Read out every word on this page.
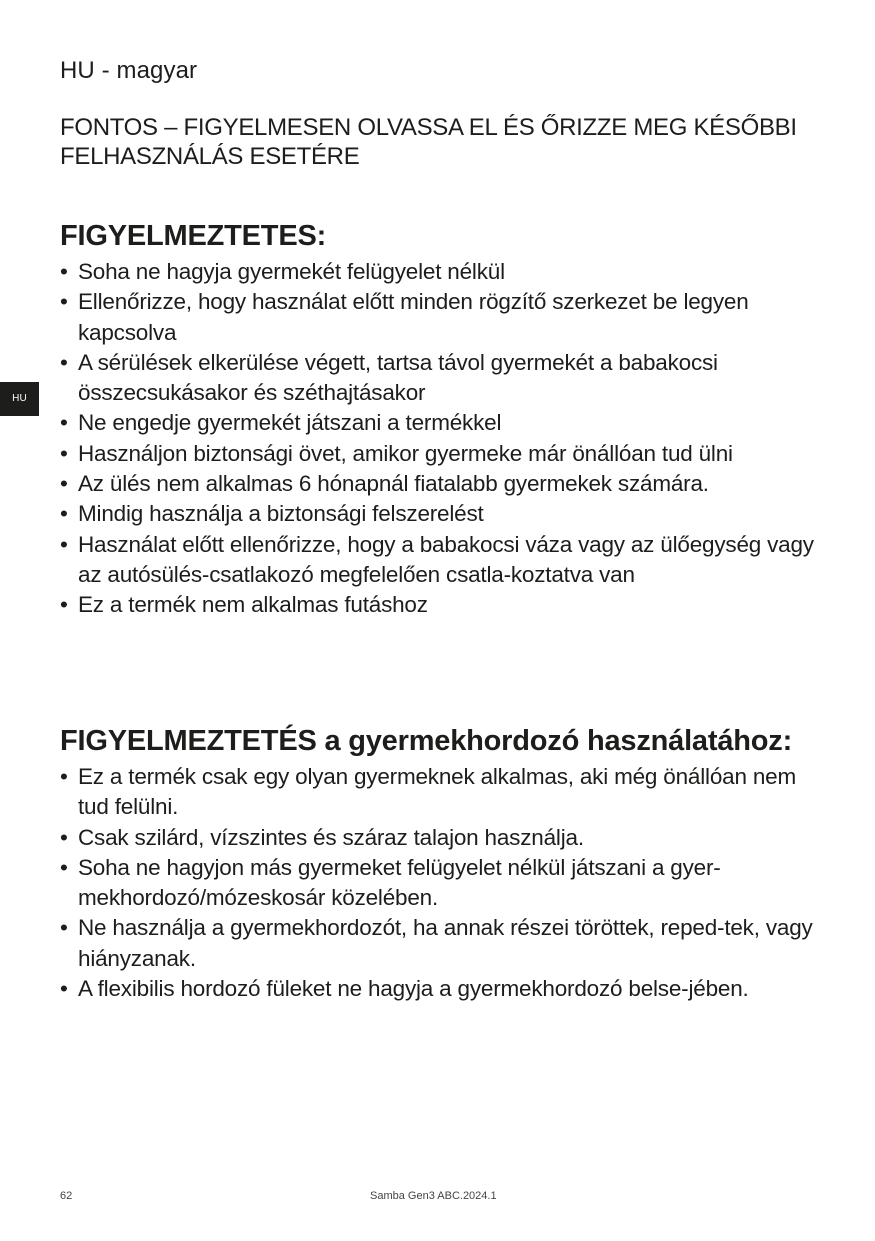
HU - magyar
FONTOS – FIGYELMESEN OLVASSA EL ÉS ŐRIZZE MEG KÉSŐBBI FELHASZNÁLÁS ESETÉRE
HU
FIGYELMEZTETES:
• Soha ne hagyja gyermekét felügyelet nélkül
• Ellenőrizze, hogy használat előtt minden rögzítő szerkezet be legyen kapcsolva
• A sérülések elkerülése végett, tartsa távol gyermekét a babakocsi összecsukásakor és széthajtásakor
• Ne engedje gyermekét játszani a termékkel
• Használjon biztonsági övet, amikor gyermeke már önállóan tud ülni
• Az ülés nem alkalmas 6 hónapnál fiatalabb gyermekek számára.
• Mindig használja a biztonsági felszerelést
• Használat előtt ellenőrizze, hogy a babakocsi váza vagy az ülőegység vagy az autósülés-csatlakozó megfelelően csatla-koztatva van
• Ez a termék nem alkalmas futáshoz
FIGYELMEZTETÉS a gyermekhordozó használatához:
• Ez a termék csak egy olyan gyermeknek alkalmas, aki még önállóan nem tud felülni.
• Csak szilárd, vízszintes és száraz talajon használja.
• Soha ne hagyjon más gyermeket felügyelet nélkül játszani a gyer-mekhordozó/mózeskosár közelében.
• Ne használja a gyermekhordozót, ha annak részei töröttek, reped-tek, vagy hiányzanak.
• A flexibilis hordozó füleket ne hagyja a gyermekhordozó belse-jében.
62	Samba Gen3 ABC.2024.1
